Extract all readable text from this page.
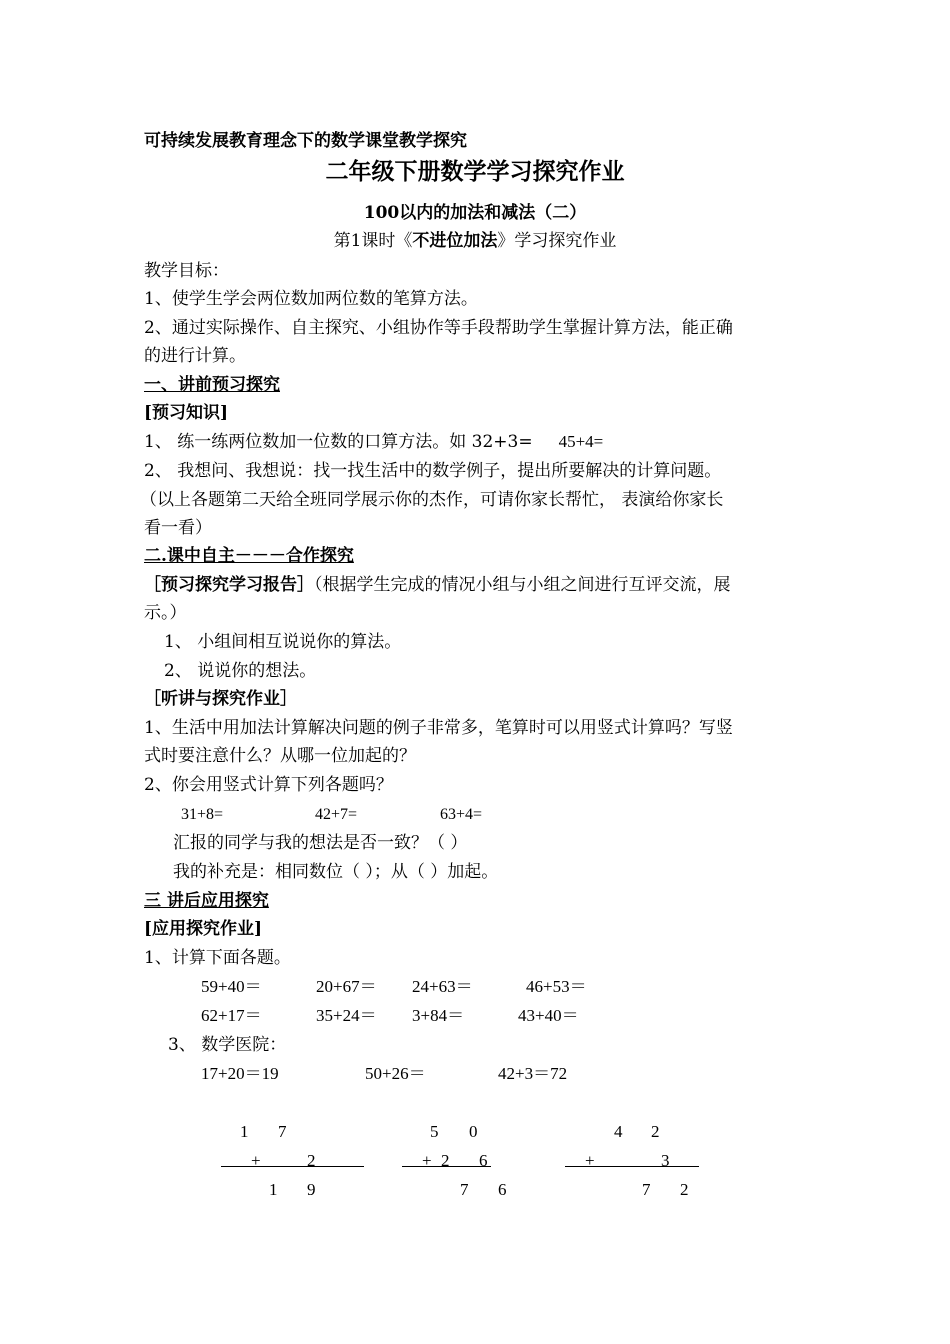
可持续发展教育理念下的数学课堂教学探究
二年级下册数学学习探究作业
100以内的加法和减法（二）
第1课时《不进位加法》学习探究作业
教学目标：
1、使学生学会两位数加两位数的笔算方法。
2、通过实际操作、自主探究、小组协作等手段帮助学生掌握计算方法，能正确
的进行计算。
一、讲前预习探究
[预习知识]
1、 练一练两位数加一位数的口算方法。如 32+3= 45+4=
2、 我想问、我想说：找一找生活中的数学例子，提出所要解决的计算问题。
（以上各题第二天给全班同学展示你的杰作，可请你家长帮忙， 表演给你家长
看一看）
二.课中自主－－－合作探究
［预习探究学习报告］（根据学生完成的情况小组与小组之间进行互评交流，展
示。）
1、 小组间相互说说你的算法。
2、 说说你的想法。
［听讲与探究作业］
1、生活中用加法计算解决问题的例子非常多，笔算时可以用竖式计算吗？写竖
式时要注意什么？从哪一位加起的？
2、你会用竖式计算下列各题吗？
31+8=	42+7=	63+4=
汇报的同学与我的想法是否一致？（ ）
我的补充是：相同数位（ ）；从（ ）加起。
三 讲后应用探究
[应用探究作业]
1、计算下面各题。
59+40＝	20+67＝ 24+63＝	46+53＝
62+17＝	35+24＝ 3+84＝	43+40＝
3、 数学医院：
17+20＝19	50+26＝	42+3＝72
1 7
+	2
1 9
5 0
+ 2 6
7 6
4 2
+	3
7 2
